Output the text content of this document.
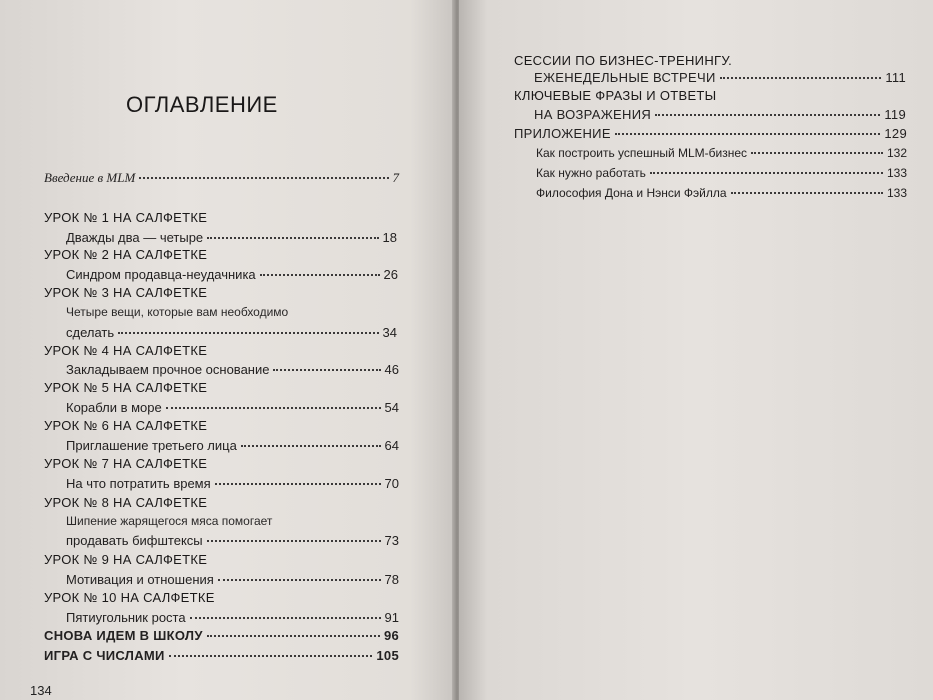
ОГЛАВЛЕНИЕ
Введение в MLM	7
УРОК № 1 НА САЛФЕТКЕ
Дважды два — четыре	18
УРОК № 2 НА САЛФЕТКЕ
Синдром продавца-неудачника	26
УРОК № 3 НА САЛФЕТКЕ
Четыре вещи, которые вам необходимо
сделать	34
УРОК № 4 НА САЛФЕТКЕ
Закладываем прочное основание	46
УРОК № 5 НА САЛФЕТКЕ
Корабли в море	54
УРОК № 6 НА САЛФЕТКЕ
Приглашение третьего лица	64
УРОК № 7 НА САЛФЕТКЕ
На что потратить время	70
УРОК № 8 НА САЛФЕТКЕ
Шипение жарящегося мяса помогает
продавать бифштексы	73
УРОК № 9 НА САЛФЕТКЕ
Мотивация и отношения	78
УРОК № 10 НА САЛФЕТКЕ
Пятиугольник роста	91
СНОВА ИДЕМ В ШКОЛУ	96
ИГРА С ЧИСЛАМИ	105
134
СЕССИИ ПО БИЗНЕС-ТРЕНИНГУ.
ЕЖЕНЕДЕЛЬНЫЕ ВСТРЕЧИ	111
КЛЮЧЕВЫЕ ФРАЗЫ И ОТВЕТЫ
НА ВОЗРАЖЕНИЯ	119
ПРИЛОЖЕНИЕ	129
Как построить успешный MLM-бизнес	132
Как нужно работать	133
Философия Дона и Нэнси Фэйлла	133
